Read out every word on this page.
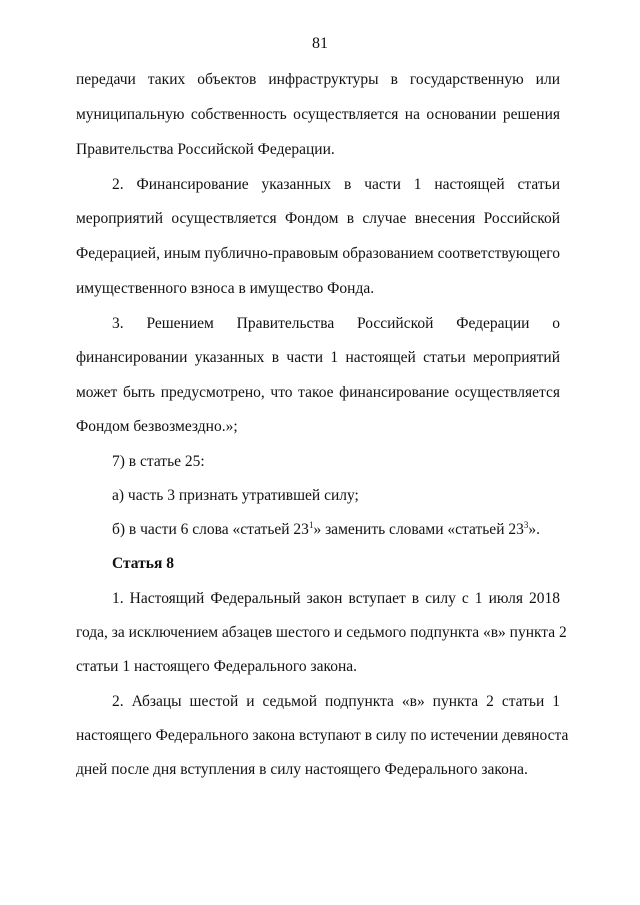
81
передачи таких объектов инфраструктуры в государственную или
муниципальную собственность осуществляется на основании решения
Правительства Российской Федерации.
2. Финансирование указанных в части 1 настоящей статьи
мероприятий осуществляется Фондом в случае внесения Российской
Федерацией, иным публично-правовым образованием соответствующего
имущественного взноса в имущество Фонда.
3. Решением Правительства Российской Федерации о
финансировании указанных в части 1 настоящей статьи мероприятий
может быть предусмотрено, что такое финансирование осуществляется
Фондом безвозмездно.»;
7) в статье 25:
а) часть 3 признать утратившей силу;
б) в части 6 слова «статьей $23^1$» заменить словами «статьей $23^3$».
Статья 8
1. Настоящий Федеральный закон вступает в силу с 1 июля 2018
года, за исключением абзацев шестого и седьмого подпункта «в» пункта 2
статьи 1 настоящего Федерального закона.
2. Абзацы шестой и седьмой подпункта «в» пункта 2 статьи 1
настоящего Федерального закона вступают в силу по истечении девяноста
дней после дня вступления в силу настоящего Федерального закона.
